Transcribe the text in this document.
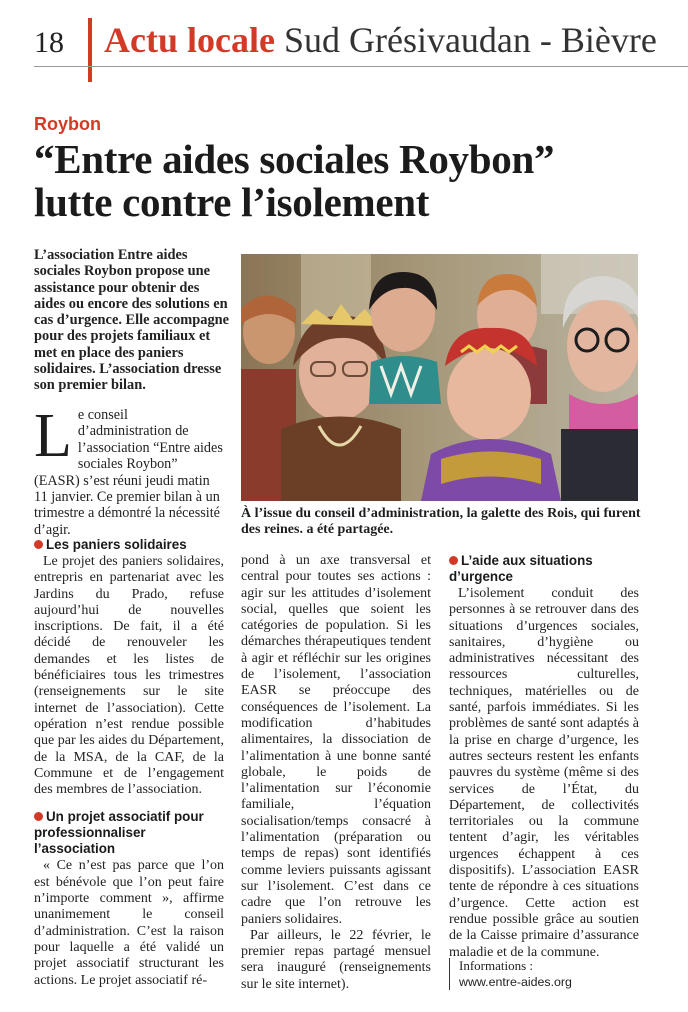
18 Actu locale Sud Grésivaudan - Bièvre
Roybon
“Entre aides sociales Roybon”
lutte contre l’isolement
L’association Entre aides sociales Roybon propose une assistance pour obtenir des aides ou encore des solutions en cas d’urgence. Elle accompagne pour des projets familiaux et met en place des paniers solidaires. L’association dresse son premier bilan.
À l’issue du conseil d’administration, la galette des Rois, qui furent des reines. a été partagée.
Le conseil d’administration de l’association “Entre aides sociales Roybon” (EASR) s’est réuni jeudi matin 11 janvier. Ce premier bilan à un trimestre a démontré la nécessité d’agir.
Les paniers solidaires

Le projet des paniers solidaires, entrepris en partenariat avec les Jardins du Prado, refuse aujourd’hui de nouvelles inscriptions. De fait, il a été décidé de renouveler les demandes et les listes de bénéficiaires tous les trimestres (renseignements sur le site internet de l’association). Cette opération n’est rendue possible que par les aides du Département, de la MSA, de la CAF, de la Commune et de l’engagement des membres de l’association.

Un projet associatif pour professionnaliser l’association

« Ce n’est pas parce que l’on est bénévole que l’on peut faire n’importe comment », affirme unanimement le conseil d’administration. C’est la raison pour laquelle a été validé un projet associatif structurant les actions. Le projet associatif ré-

pond à un axe transversal et central pour toutes ses actions : agir sur les attitudes d’isolement social, quelles que soient les catégories de population. Si les démarches thérapeutiques tendent à agir et réfléchir sur les origines de l’isolement, l’association EASR se préoccupe des conséquences de l’isolement. La modification d’habitudes alimentaires, la dissociation de l’alimentation à une bonne santé globale, le poids de l’alimentation sur l’économie familiale, l’équation socialisation/temps consacré à l’alimentation (préparation ou temps de repas) sont identifiés comme leviers puissants agissant sur l’isolement. C’est dans ce cadre que l’on retrouve les paniers solidaires.

Par ailleurs, le 22 février, le premier repas partagé mensuel sera inauguré (renseignements sur le site internet).

L’aide aux situations d’urgence

L’isolement conduit des personnes à se retrouver dans des situations d’urgences sociales, sanitaires, d’hygiène ou administratives nécessitant des ressources culturelles, techniques, matérielles ou de santé, parfois immédiates. Si les problèmes de santé sont adaptés à la prise en charge d’urgence, les autres secteurs restent les enfants pauvres du système (même si des services de l’État, du Département, de collectivités territoriales ou la commune tentent d’agir, les véritables urgences échappent à ces dispositifs). L’association EASR tente de répondre à ces situations d’urgence. Cette action est rendue possible grâce au soutien de la Caisse primaire d’assurance maladie et de la commune.

Informations :
www.entre-aides.org
